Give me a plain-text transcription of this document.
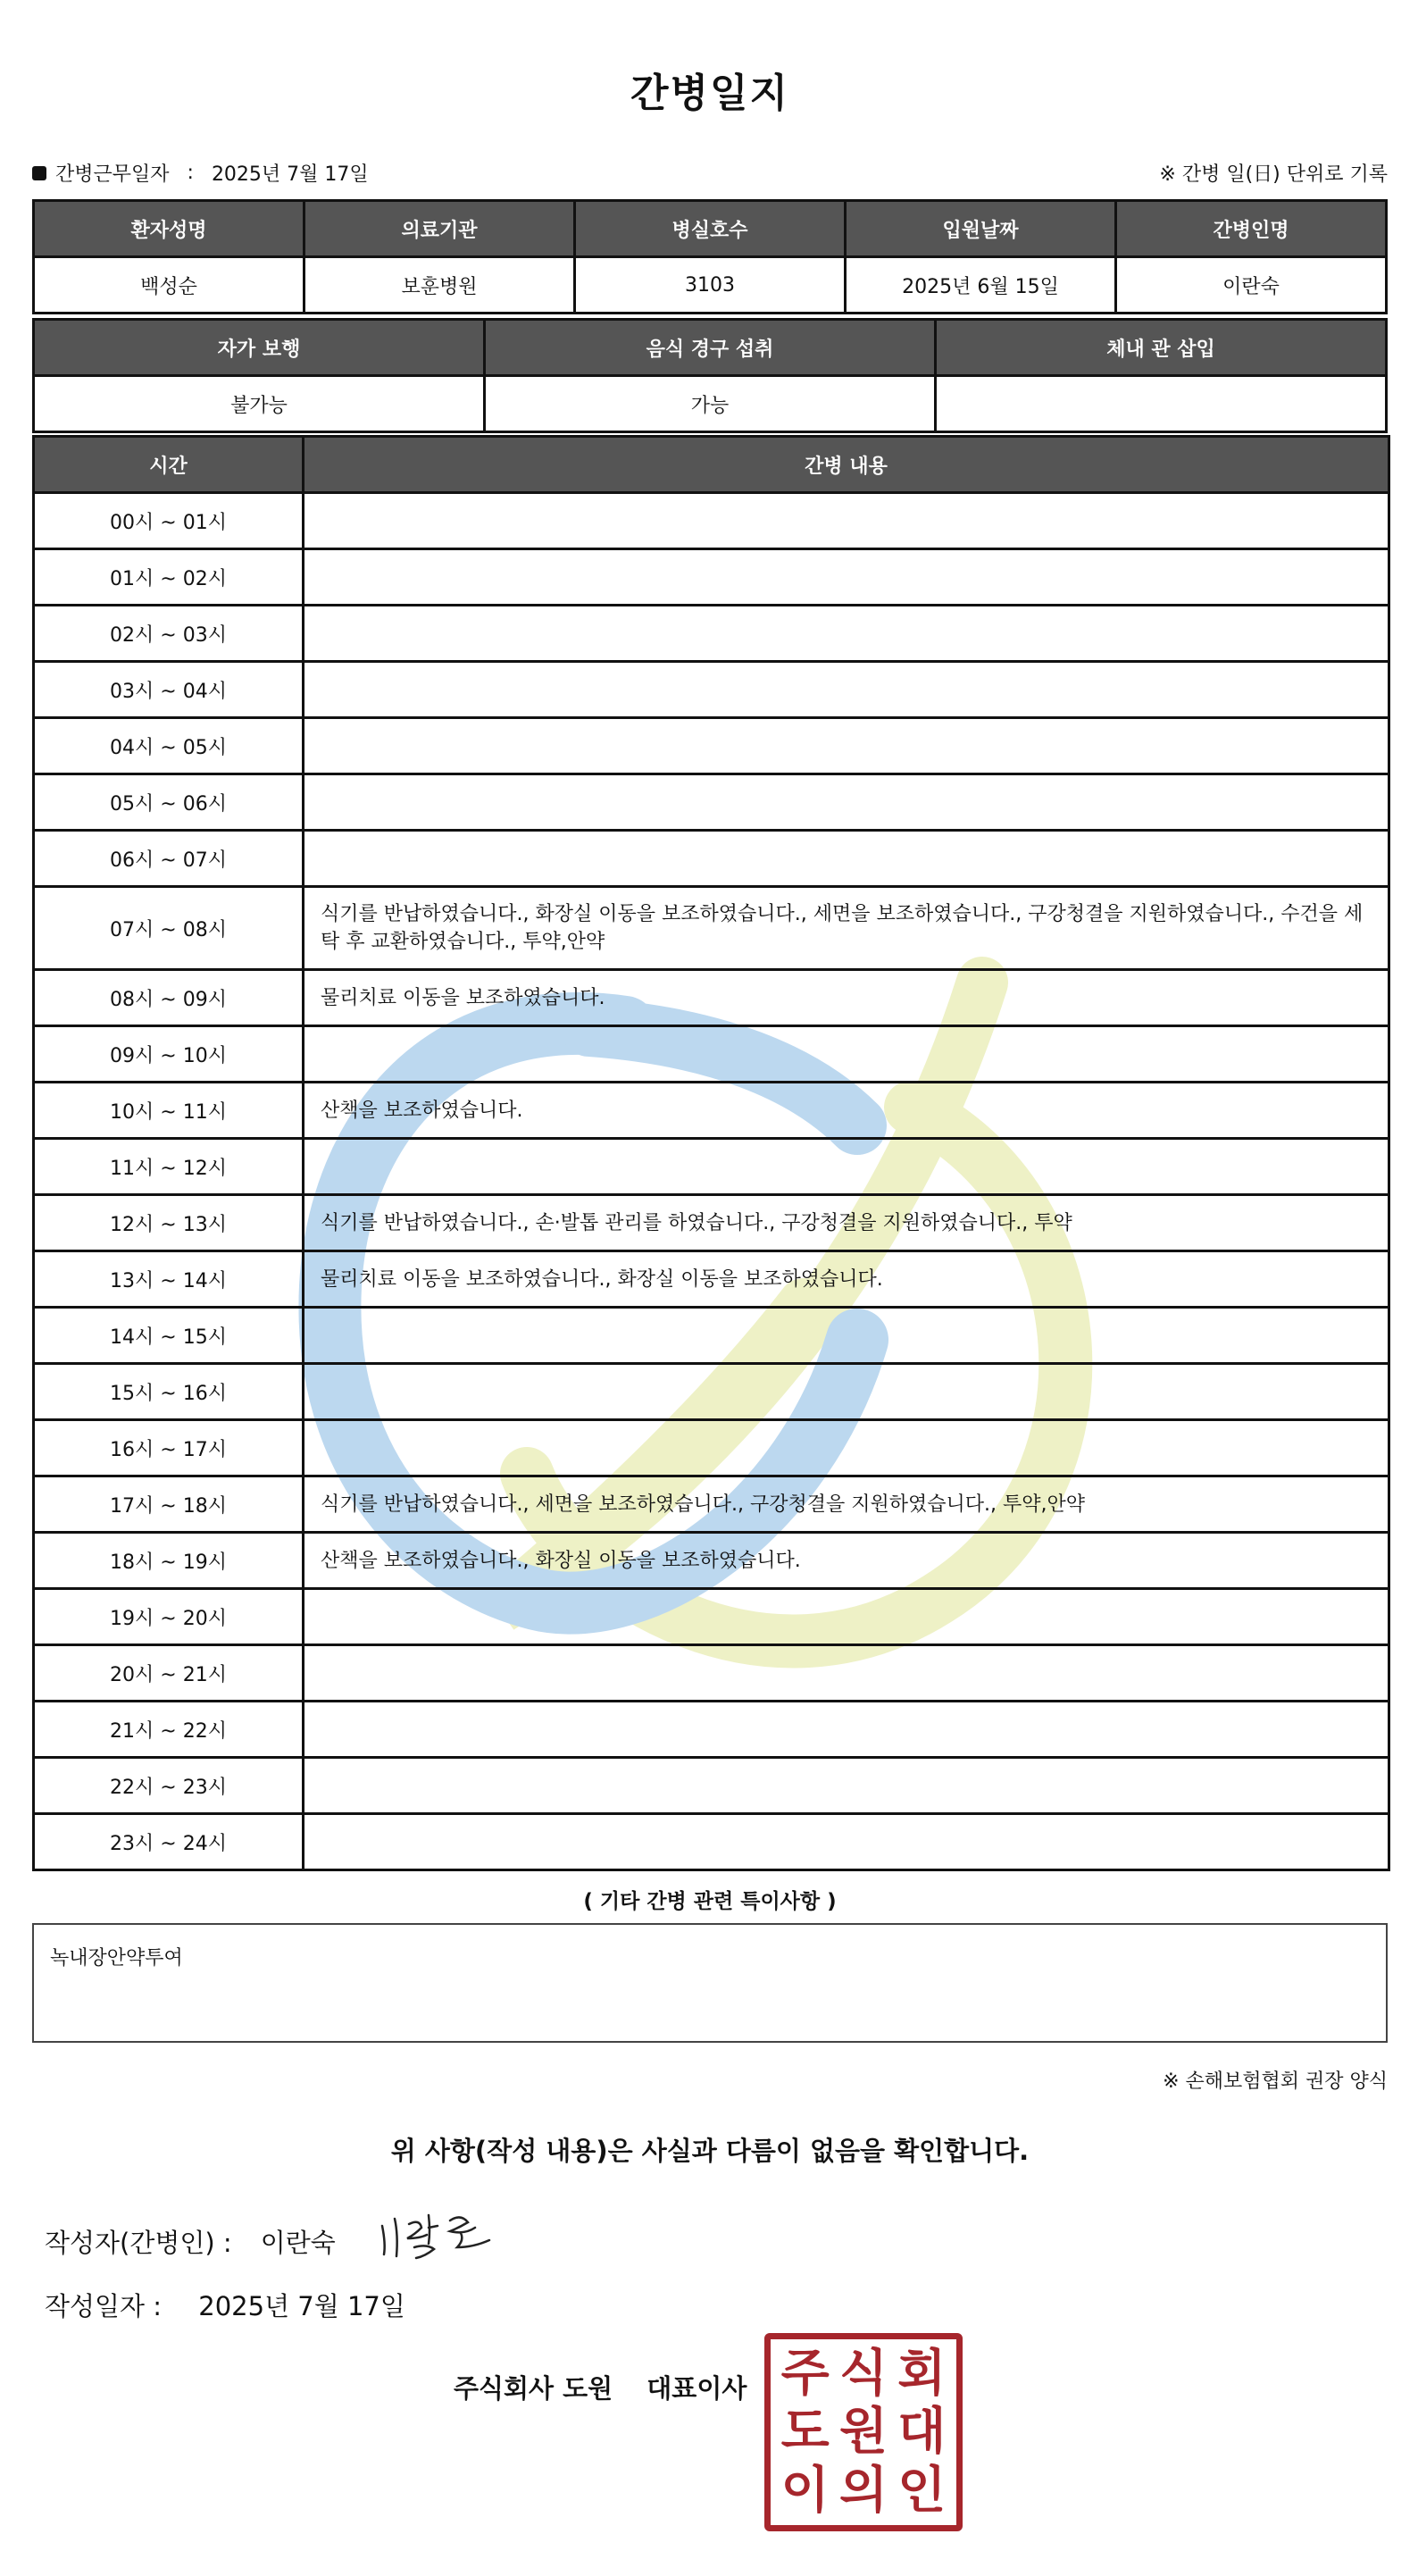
간병일지
간병근무일자 : 2025년 7월 17일	※ 간병 일(日) 단위로 기록
환자성명	의료기관	병실호수	입원날짜	간병인명
백성순	보훈병원	3103	2025년 6월 15일	이란숙
자가 보행	음식 경구 섭취	체내 관 삽입
불가능	가능	
시간	간병 내용
00시 ~ 01시	
01시 ~ 02시	
02시 ~ 03시	
03시 ~ 04시	
04시 ~ 05시	
05시 ~ 06시	
06시 ~ 07시	
07시 ~ 08시	식기를 반납하였습니다., 화장실 이동을 보조하였습니다., 세면을 보조하였습니다., 구강청결을 지원하였습니다., 수건을 세탁 후 교환하였습니다., 투약,안약
08시 ~ 09시	물리치료 이동을 보조하였습니다.
09시 ~ 10시	
10시 ~ 11시	산책을 보조하였습니다.
11시 ~ 12시	
12시 ~ 13시	식기를 반납하였습니다., 손·발톱 관리를 하였습니다., 구강청결을 지원하였습니다., 투약
13시 ~ 14시	물리치료 이동을 보조하였습니다., 화장실 이동을 보조하였습니다.
14시 ~ 15시	
15시 ~ 16시	
16시 ~ 17시	
17시 ~ 18시	식기를 반납하였습니다., 세면을 보조하였습니다., 구강청결을 지원하였습니다., 투약,안약
18시 ~ 19시	산책을 보조하였습니다., 화장실 이동을 보조하였습니다.
19시 ~ 20시	
20시 ~ 21시	
21시 ~ 22시	
22시 ~ 23시	
23시 ~ 24시	
( 기타 간병 관련 특이사항 )
녹내장안약투여
※ 손해보험협회 권장 양식
위 사항(작성 내용)은 사실과 다름이 없음을 확인합니다.
작성자(간병인) : 이란숙
작성일자 : 2025년 7월 17일
주식회사 도원 대표이사 주 식 회
도 원 대
이 의 인
